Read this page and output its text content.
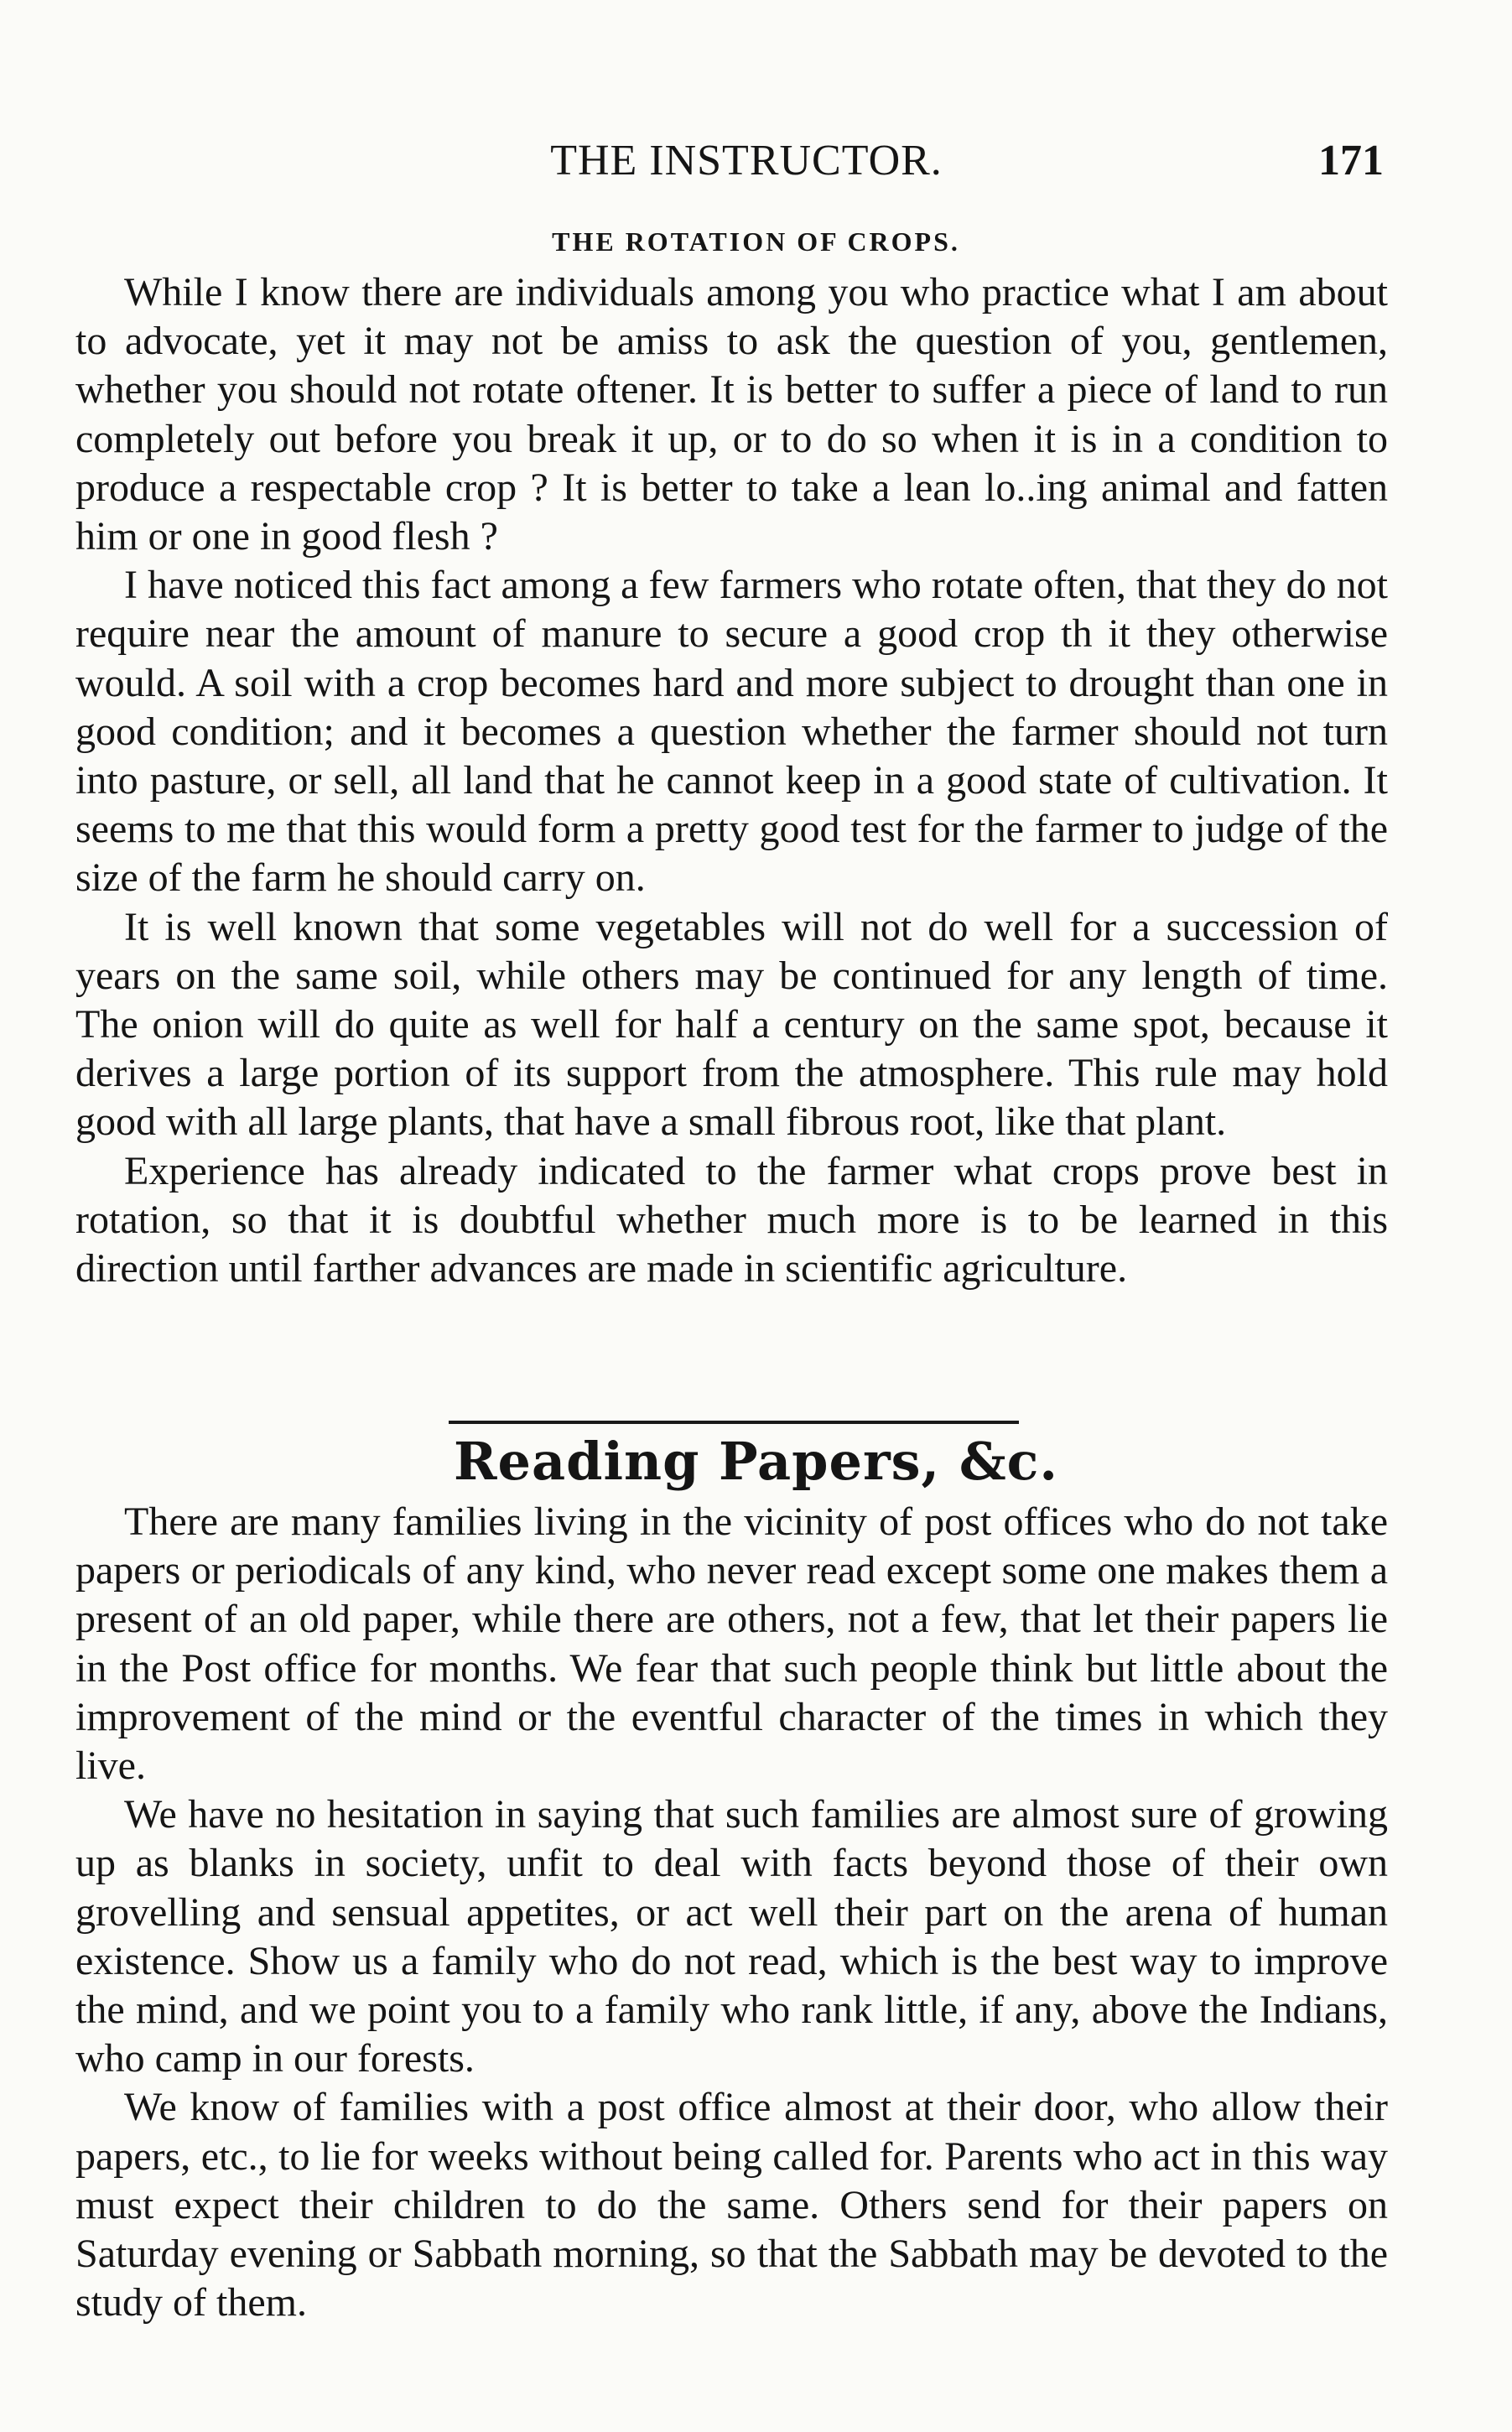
THE INSTRUCTOR.	171
THE ROTATION OF CROPS.

While I know there are individuals among you who practice what I am about to advocate, yet it may not be amiss to ask the question of you, gentlemen, whether you should not rotate oftener. It is better to suffer a piece of land to run completely out before you break it up, or to do so when it is in a condition to produce a respectable crop ? It is better to take a lean lo..ing animal and fatten him or one in good flesh ?

I have noticed this fact among a few farmers who rotate often, that they do not require near the amount of manure to secure a good crop th it they otherwise would. A soil with a crop becomes hard and more subject to drought than one in good condition; and it becomes a question whether the farmer should not turn into pasture, or sell, all land that he cannot keep in a good state of cultivation. It seems to me that this would form a pretty good test for the farmer to judge of the size of the farm he should carry on.

It is well known that some vegetables will not do well for a succession of years on the same soil, while others may be continued for any length of time. The onion will do quite as well for half a century on the same spot, because it derives a large portion of its support from the atmosphere. This rule may hold good with all large plants, that have a small fibrous root, like that plant.

Experience has already indicated to the farmer what crops prove best in rotation, so that it is doubtful whether much more is to be learned in this direction until farther advances are made in scientific agriculture.

Reading Papers, &c.

There are many families living in the vicinity of post offices who do not take papers or periodicals of any kind, who never read except some one makes them a present of an old paper, while there are others, not a few, that let their papers lie in the Post office for months. We fear that such people think but little about the improvement of the mind or the eventful character of the times in which they live.

We have no hesitation in saying that such families are almost sure of growing up as blanks in society, unfit to deal with facts beyond those of their own grovelling and sensual appetites, or act well their part on the arena of human existence. Show us a family who do not read, which is the best way to improve the mind, and we point you to a family who rank little, if any, above the Indians, who camp in our forests.

We know of families with a post office almost at their door, who allow their papers, etc., to lie for weeks without being called for. Parents who act in this way must expect their children to do the same. Others send for their papers on Saturday evening or Sabbath morning, so that the Sabbath may be devoted to the study of them.
